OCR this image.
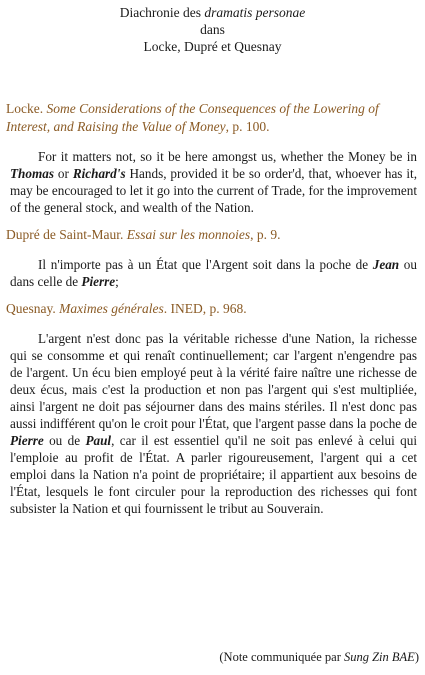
Diachronie des dramatis personae
dans
Locke, Dupré et Quesnay
Locke. Some Considerations of the Consequences of the Lowering of Interest, and Raising the Value of Money, p. 100.
For it matters not, so it be here amongst us, whether the Money be in Thomas or Richard's Hands, provided it be so order'd, that, whoever has it, may be encouraged to let it go into the current of Trade, for the improvement of the general stock, and wealth of the Nation.
Dupré de Saint-Maur. Essai sur les monnoies, p. 9.
Il n'importe pas à un État que l'Argent soit dans la poche de Jean ou dans celle de Pierre;
Quesnay. Maximes générales. INED, p. 968.
L'argent n'est donc pas la véritable richesse d'une Nation, la richesse qui se consomme et qui renaît continuellement; car l'argent n'engendre pas de l'argent. Un écu bien employé peut à la vérité faire naître une richesse de deux écus, mais c'est la production et non pas l'argent qui s'est multipliée, ainsi l'argent ne doit pas séjourner dans des mains stériles. Il n'est donc pas aussi indifférent qu'on le croit pour l'État, que l'argent passe dans la poche de Pierre ou de Paul, car il est essentiel qu'il ne soit pas enlevé à celui qui l'emploie au profit de l'État. A parler rigoureusement, l'argent qui a cet emploi dans la Nation n'a point de propriétaire; il appartient aux besoins de l'État, lesquels le font circuler pour la reproduction des richesses qui font subsister la Nation et qui fournissent le tribut au Souverain.
(Note communiquée par Sung Zin BAE)
